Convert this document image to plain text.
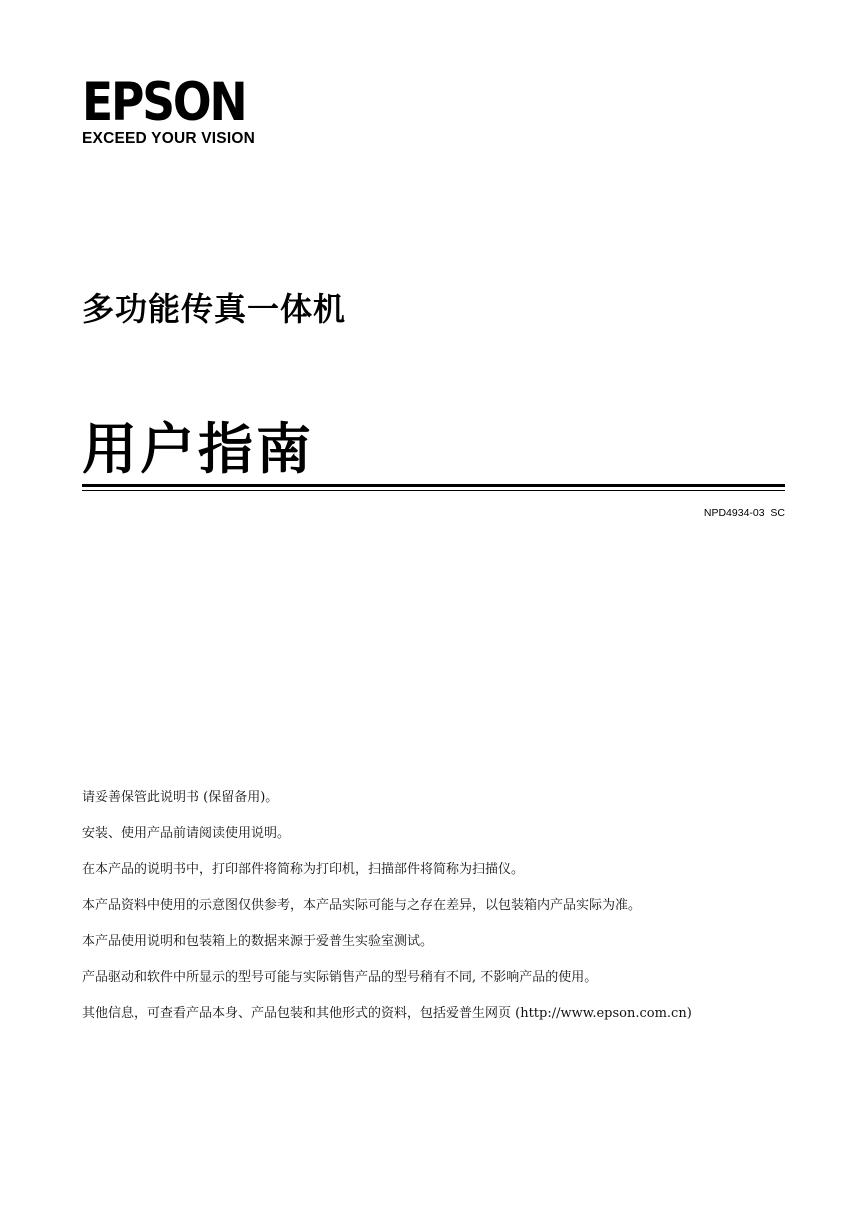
EPSON
EXCEED YOUR VISION
多功能传真一体机
用户指南
NPD4934-03  SC
请妥善保管此说明书 (保留备用)。
安装、使用产品前请阅读使用说明。
在本产品的说明书中，打印部件将简称为打印机，扫描部件将简称为扫描仪。
本产品资料中使用的示意图仅供参考，本产品实际可能与之存在差异，以包装箱内产品实际为准。
本产品使用说明和包装箱上的数据来源于爱普生实验室测试。
产品驱动和软件中所显示的型号可能与实际销售产品的型号稍有不同, 不影响产品的使用。
其他信息，可查看产品本身、产品包装和其他形式的资料，包括爱普生网页 (http://www.epson.com.cn)
